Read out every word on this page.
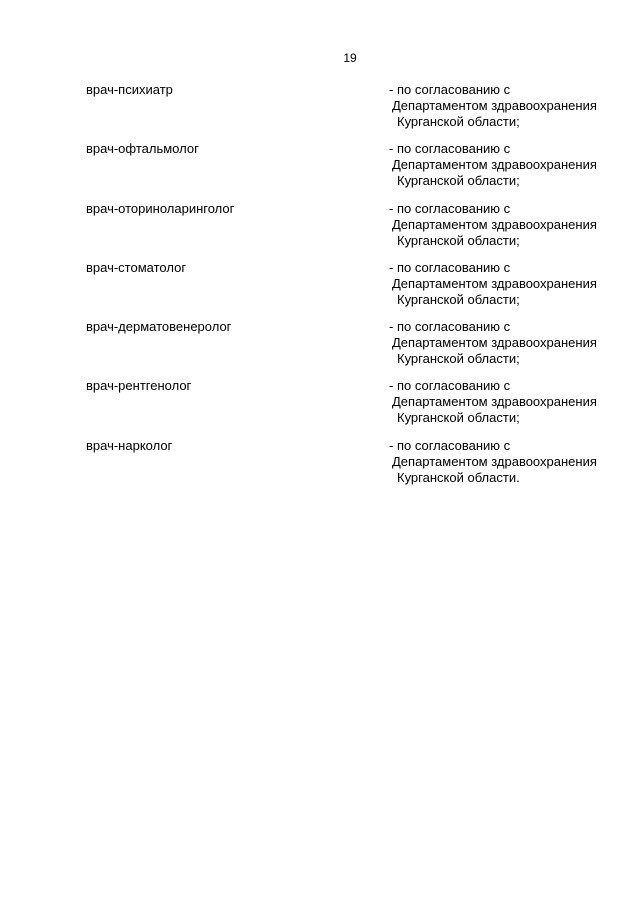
19
врач-психиатр	- по согласованию с
Департаментом здравоохранения
Курганской области;
врач-офтальмолог	- по согласованию с
Департаментом здравоохранения
Курганской области;
врач-оториноларинголог	- по согласованию с
Департаментом здравоохранения
Курганской области;
врач-стоматолог	- по согласованию с
Департаментом здравоохранения
Курганской области;
врач-дерматовенеролог	- по согласованию с
Департаментом здравоохранения
Курганской области;
врач-рентгенолог	- по согласованию с
Департаментом здравоохранения
Курганской области;
врач-нарколог	- по согласованию с
Департаментом здравоохранения
Курганской области.
